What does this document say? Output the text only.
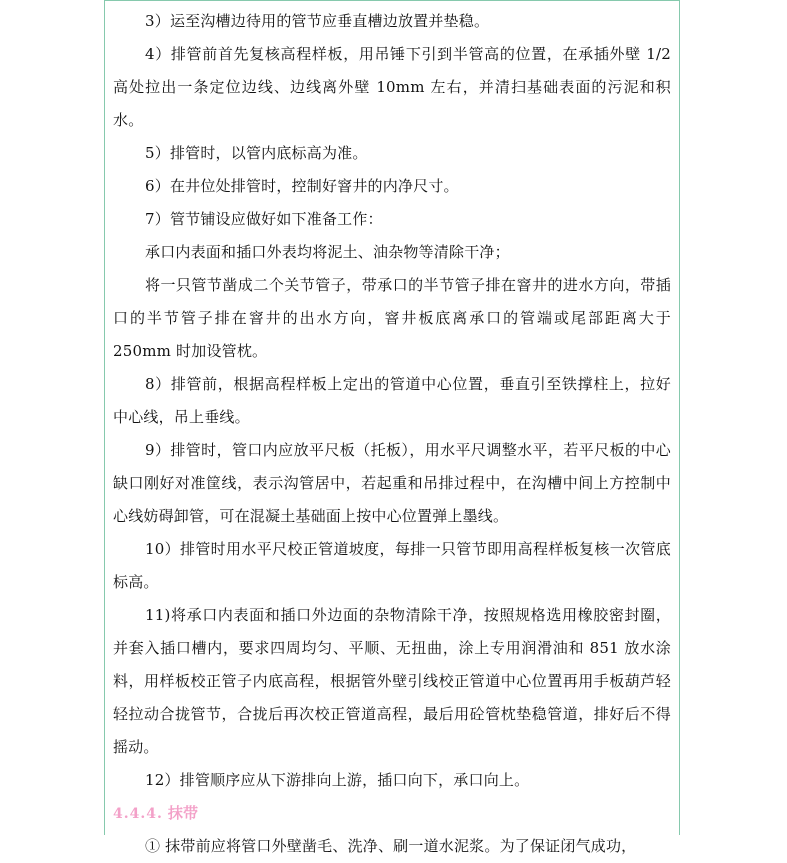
3）运至沟槽边待用的管节应垂直槽边放置并垫稳。

4）排管前首先复核高程样板，用吊锤下引到半管高的位置，在承插外壁 1/2 高处拉出一条定位边线、边线离外壁 10mm 左右，并清扫基础表面的污泥和积水。

5）排管时，以管内底标高为准。

6）在井位处排管时，控制好窨井的内净尺寸。

7）管节铺设应做好如下准备工作：

承口内表面和插口外表均将泥土、油杂物等清除干净；

将一只管节凿成二个关节管子，带承口的半节管子排在窨井的进水方向，带插口的半节管子排在窨井的出水方向，窨井板底离承口的管端或尾部距离大于 250mm 时加设管枕。

8）排管前，根据高程样板上定出的管道中心位置，垂直引至铁撑柱上，拉好中心线，吊上垂线。

9）排管时，管口内应放平尺板（托板），用水平尺调整水平，若平尺板的中心缺口刚好对准筐线，表示沟管居中，若起重和吊排过程中，在沟槽中间上方控制中心线妨碍卸管，可在混凝土基础面上按中心位置弹上墨线。

10）排管时用水平尺校正管道坡度，每排一只管节即用高程样板复核一次管底标高。

11)将承口内表面和插口外边面的杂物清除干净，按照规格选用橡胶密封圈，并套入插口槽内，要求四周均匀、平顺、无扭曲，涂上专用润滑油和 851 放水涂料，用样板校正管子内底高程，根据管外壁引线校正管道中心位置再用手板葫芦轻轻拉动合拢管节，合拢后再次校正管道高程，最后用砼管枕垫稳管道，排好后不得摇动。

12）排管顺序应从下游排向上游，插口向下，承口向上。

4.4.4. 抹带

① 抹带前应将管口外壁凿毛、洗净、刷一道水泥浆。为了保证闭气成功，
